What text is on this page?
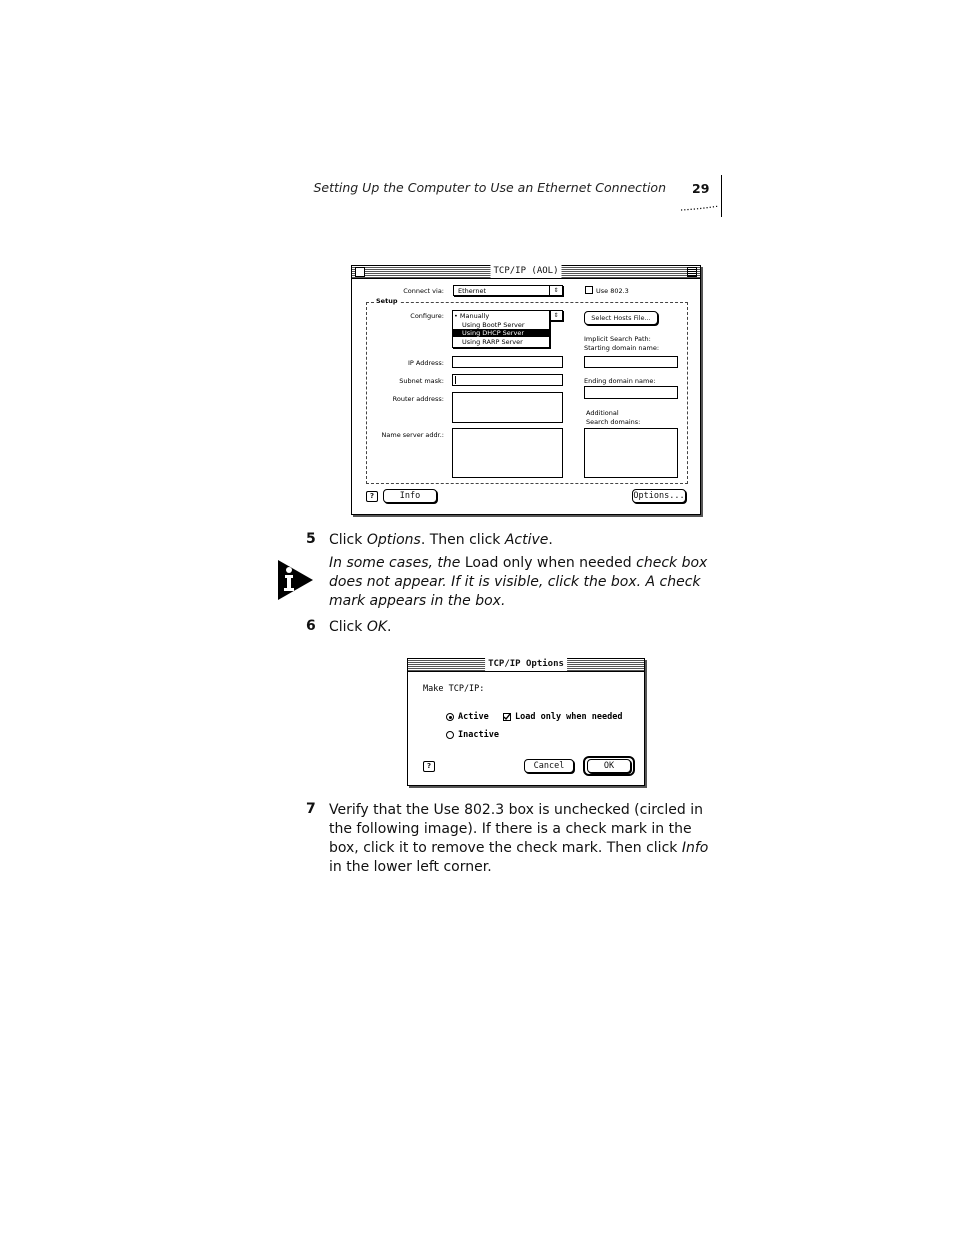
Setting Up the Computer to Use an Ethernet Connection 29
TCP/IP (AOL)
Connect via: Ethernet	⇕	Use 802.3
Setup
Configure: • Manually
Using BootP Server
Using DHCP Server
Using RARP Server
⇕	Select Hosts File...
Implicit Search Path:
Starting domain name:
IP Address:
Subnet mask:	Ending domain name:
Router address:
Additional
Search domains:
Name server addr.:
?	Info	Options...
5 Click Options. Then click Active.
In some cases, the Load only when needed check box does not appear. If it is visible, click the box. A check mark appears in the box.
6 Click OK.
TCP/IP Options
Make TCP/IP:
Active	Load only when needed
Inactive
?	Cancel	OK
7 Verify that the Use 802.3 box is unchecked (circled in the following image). If there is a check mark in the box, click it to remove the check mark. Then click Info in the lower left corner.
